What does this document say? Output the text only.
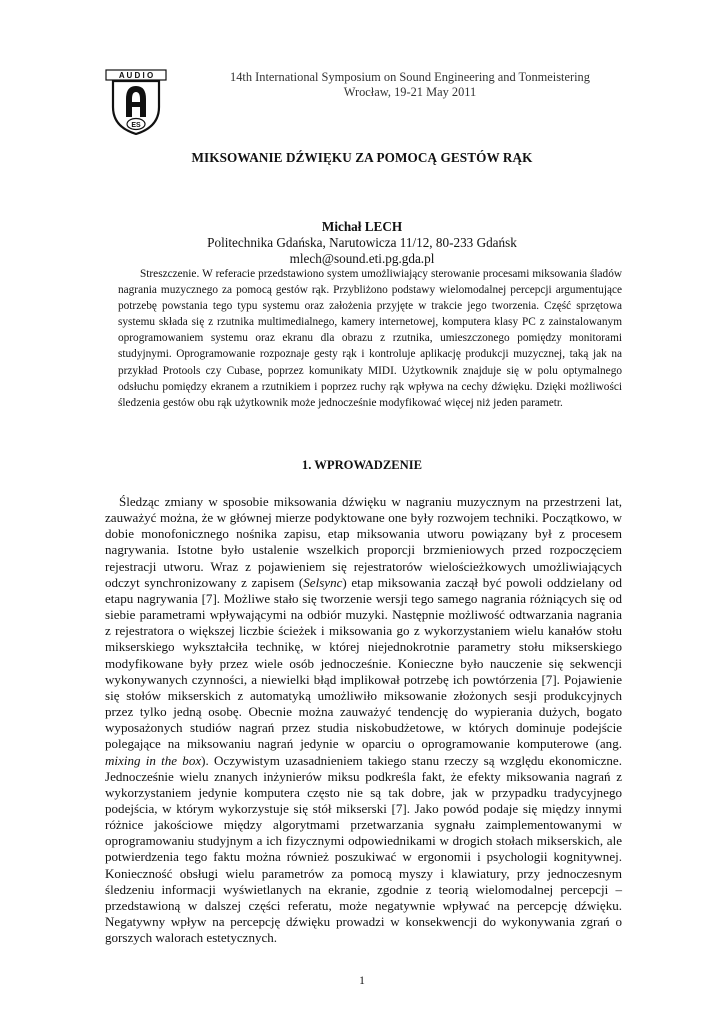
A U D I O
ES
14th International Symposium on Sound Engineering and Tonmeistering
Wrocław, 19-21 May 2011
MIKSOWANIE DŹWIĘKU ZA POMOCĄ GESTÓW RĄK
Michał LECH
Politechnika Gdańska, Narutowicza 11/12, 80-233 Gdańsk
mlech@sound.eti.pg.gda.pl

Streszczenie. W referacie przedstawiono system umożliwiający sterowanie procesami miksowania śladów nagrania muzycznego za pomocą gestów rąk. Przybliżono podstawy wielomodalnej percepcji argumentujące potrzebę powstania tego typu systemu oraz założenia przyjęte w trakcie jego tworzenia. Część sprzętowa systemu składa się z rzutnika multimedialnego, kamery internetowej, komputera klasy PC z zainstalowanym oprogramowaniem systemu oraz ekranu dla obrazu z rzutnika, umieszczonego pomiędzy monitorami studyjnymi. Oprogramowanie rozpoznaje gesty rąk i kontroluje aplikację produkcji muzycznej, taką jak na przykład Protools czy Cubase, poprzez komunikaty MIDI. Użytkownik znajduje się w polu optymalnego odsłuchu pomiędzy ekranem a rzutnikiem i poprzez ruchy rąk wpływa na cechy dźwięku. Dzięki możliwości śledzenia gestów obu rąk użytkownik może jednocześnie modyfikować więcej niż jeden parametr.

1. WPROWADZENIE

Śledząc zmiany w sposobie miksowania dźwięku w nagraniu muzycznym na przestrzeni lat, zauważyć można, że w głównej mierze podyktowane one były rozwojem techniki. Początkowo, w dobie monofonicznego nośnika zapisu, etap miksowania utworu powiązany był z procesem nagrywania. Istotne było ustalenie wszelkich proporcji brzmieniowych przed rozpoczęciem rejestracji utworu. Wraz z pojawieniem się rejestratorów wielościeżkowych umożliwiających odczyt synchronizowany z zapisem (Selsync) etap miksowania zaczął być powoli oddzielany od etapu nagrywania [7]. Możliwe stało się tworzenie wersji tego samego nagrania różniących się od siebie parametrami wpływającymi na odbiór muzyki. Następnie możliwość odtwarzania nagrania z rejestratora o większej liczbie ścieżek i miksowania go z wykorzystaniem wielu kanałów stołu mikserskiego wykształciła technikę, w której niejednokrotnie parametry stołu mikserskiego modyfikowane były przez wiele osób jednocześnie. Konieczne było nauczenie się sekwencji wykonywanych czynności, a niewielki błąd implikował potrzebę ich powtórzenia [7]. Pojawienie się stołów mikserskich z automatyką umożliwiło miksowanie złożonych sesji produkcyjnych przez tylko jedną osobę. Obecnie można zauważyć tendencję do wypierania dużych, bogato wyposażonych studiów nagrań przez studia niskobudżetowe, w których dominuje podejście polegające na miksowaniu nagrań jedynie w oparciu o oprogramowanie komputerowe (ang. mixing in the box). Oczywistym uzasadnieniem takiego stanu rzeczy są względu ekonomiczne. Jednocześnie wielu znanych inżynierów miksu podkreśla fakt, że efekty miksowania nagrań z wykorzystaniem jedynie komputera często nie są tak dobre, jak w przypadku tradycyjnego podejścia, w którym wykorzystuje się stół mikserski [7]. Jako powód podaje się między innymi różnice jakościowe między algorytmami przetwarzania sygnału zaimplementowanymi w oprogramowaniu studyjnym a ich fizycznymi odpowiednikami w drogich stołach mikserskich, ale potwierdzenia tego faktu można również poszukiwać w ergonomii i psychologii kognitywnej. Konieczność obsługi wielu parametrów za pomocą myszy i klawiatury, przy jednoczesnym śledzeniu informacji wyświetlanych na ekranie, zgodnie z teorią wielomodalnej percepcji – przedstawioną w dalszej części referatu, może negatywnie wpływać na percepcję dźwięku. Negatywny wpływ na percepcję dźwięku prowadzi w konsekwencji do wykonywania zgrań o gorszych walorach estetycznych.

1
